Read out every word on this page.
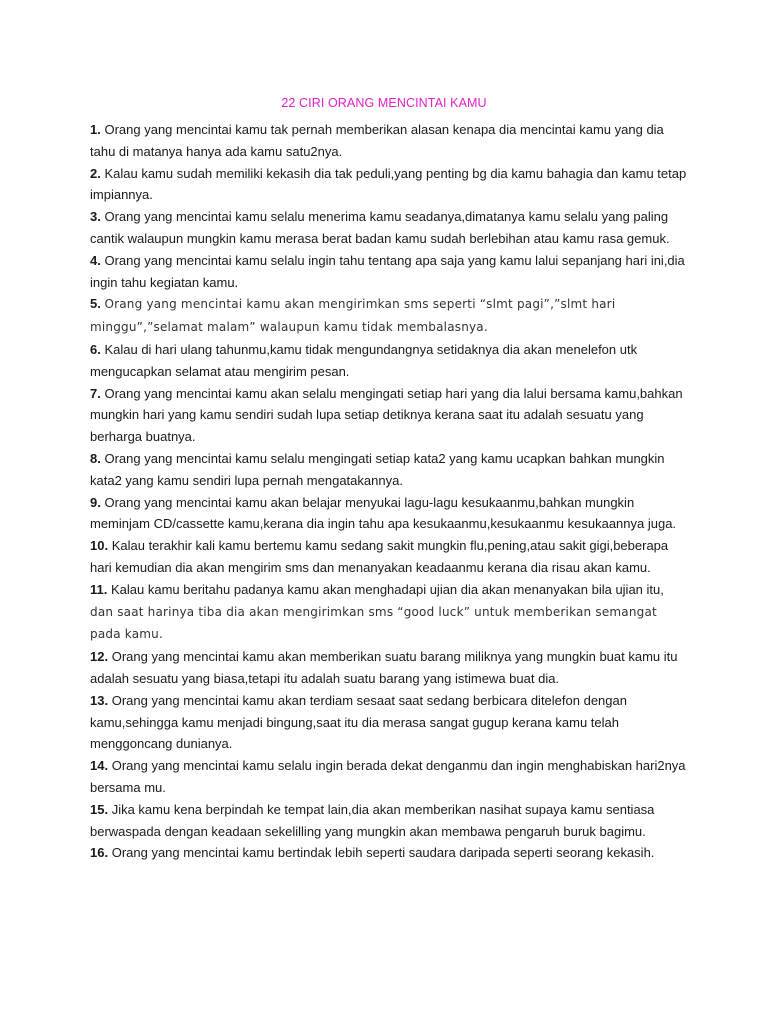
22 CIRI ORANG MENCINTAI KAMU
1. Orang yang mencintai kamu tak pernah memberikan alasan kenapa dia mencintai kamu yang dia tahu di matanya hanya ada kamu satu2nya.
2. Kalau kamu sudah memiliki kekasih dia tak peduli,yang penting bg dia kamu bahagia dan kamu tetap impiannya.
3. Orang yang mencintai kamu selalu menerima kamu seadanya,dimatanya kamu selalu yang paling cantik walaupun mungkin kamu merasa berat badan kamu sudah berlebihan atau kamu rasa gemuk.
4. Orang yang mencintai kamu selalu ingin tahu tentang apa saja yang kamu lalui sepanjang hari ini,dia ingin tahu kegiatan kamu.
5. Orang yang mencintai kamu akan mengirimkan sms seperti “slmt pagi”,”slmt hari minggu”,”selamat malam” walaupun kamu tidak membalasnya.
6. Kalau di hari ulang tahunmu,kamu tidak mengundangnya setidaknya dia akan menelefon utk mengucapkan selamat atau mengirim pesan.
7. Orang yang mencintai kamu akan selalu mengingati setiap hari yang dia lalui bersama kamu,bahkan mungkin hari yang kamu sendiri sudah lupa setiap detiknya kerana saat itu adalah sesuatu yang berharga buatnya.
8. Orang yang mencintai kamu selalu mengingati setiap kata2 yang kamu ucapkan bahkan mungkin kata2 yang kamu sendiri lupa pernah mengatakannya.
9. Orang yang mencintai kamu akan belajar menyukai lagu-lagu kesukaanmu,bahkan mungkin meminjam CD/cassette kamu,kerana dia ingin tahu apa kesukaanmu,kesukaanmu kesukaannya juga.
10. Kalau terakhir kali kamu bertemu kamu sedang sakit mungkin flu,pening,atau sakit gigi,beberapa hari kemudian dia akan mengirim sms dan menanyakan keadaanmu kerana dia risau akan kamu.
11. Kalau kamu beritahu padanya kamu akan menghadapi ujian dia akan menanyakan bila ujian itu, dan saat harinya tiba dia akan mengirimkan sms “good luck” untuk memberikan semangat pada kamu.
12. Orang yang mencintai kamu akan memberikan suatu barang miliknya yang mungkin buat kamu itu adalah sesuatu yang biasa,tetapi itu adalah suatu barang yang istimewa buat dia.
13. Orang yang mencintai kamu akan terdiam sesaat saat sedang berbicara ditelefon dengan kamu,sehingga kamu menjadi bingung,saat itu dia merasa sangat gugup kerana kamu telah menggoncang dunianya.
14. Orang yang mencintai kamu selalu ingin berada dekat denganmu dan ingin menghabiskan hari2nya bersama mu.
15. Jika kamu kena berpindah ke tempat lain,dia akan memberikan nasihat supaya kamu sentiasa berwaspada dengan keadaan sekelilling yang mungkin akan membawa pengaruh buruk bagimu.
16. Orang yang mencintai kamu bertindak lebih seperti saudara daripada seperti seorang kekasih.
